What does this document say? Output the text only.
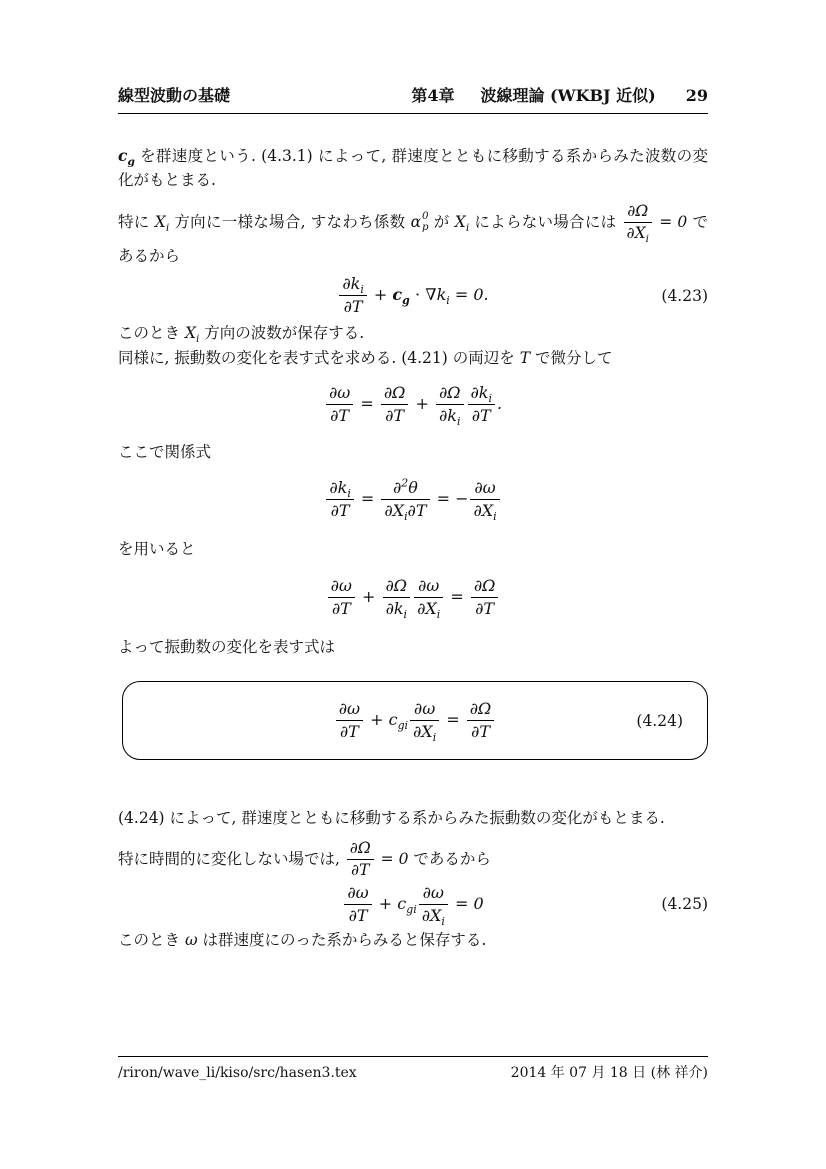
線型波動の基礎	第4章 波線理論 (WKBJ 近似) 29

$c_g$ を群速度という. (4.3.1) によって, 群速度とともに移動する系からみた波数の変化がもとまる.

特に $X_i$ 方向に一様な場合, すなわち係数 α 0
p が $X_i$ によらない場合には $\frac{\partial\Omega}{\partial X_i} = 0$ であるから

$\frac{\partial k_i}{\partial T} + c_g \cdot \nabla k_i = 0$.	(4.23)

このとき $X_i$ 方向の波数が保存する.

同様に, 振動数の変化を表す式を求める. (4.21) の両辺を T で微分して

$\frac{\partial\omega}{\partial T} = \frac{\partial\Omega}{\partial T} + \frac{\partial\Omega}{\partial k_i} \frac{\partial k_i}{\partial T}$ .

ここで関係式

$\frac{\partial k_i}{\partial T} = \frac{\partial^2\theta}{\partial X_i\partial T}$ = − $\frac{\partial\omega}{\partial X_i}$

を用いると

$\frac{\partial\omega}{\partial T} + \frac{\partial\Omega}{\partial k_i} \frac{\partial\omega}{\partial X_i} = \frac{\partial\Omega}{\partial T}$

よって振動数の変化を表す式は

$\frac{\partial\omega}{\partial T} + c_{gi} \frac{\partial\omega}{\partial X_i} = \frac{\partial\Omega}{\partial T}$	(4.24)

(4.24) によって, 群速度とともに移動する系からみた振動数の変化がもとまる.

特に時間的に変化しない場では, $\frac{\partial\Omega}{\partial T} = 0$ であるから

$\frac{\partial\omega}{\partial T} + c_{gi} \frac{\partial\omega}{\partial X_i} = 0$	(4.25)

このとき ω は群速度にのった系からみると保存する.

/riron/wave_li/kiso/src/hasen3.tex	2014 年 07 月 18 日 (林 祥介)
